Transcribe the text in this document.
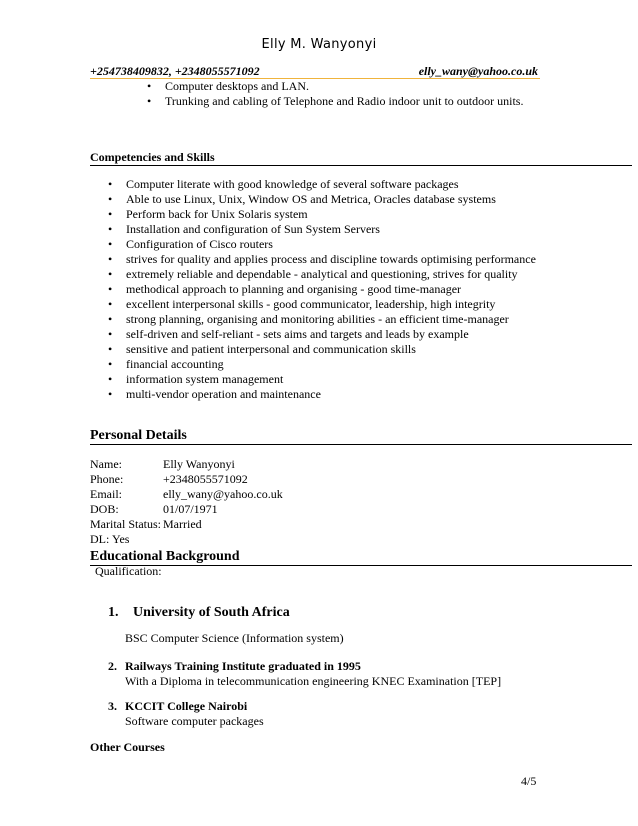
Elly M. Wanyonyi
+254738409832, +2348055571092	elly_wany@yahoo.co.uk
• Computer desktops and LAN.
• Trunking and cabling of Telephone and Radio indoor unit to outdoor units.
Competencies and Skills
• Computer literate with good knowledge of several software packages
• Able to use Linux, Unix, Window OS and Metrica, Oracles database systems
• Perform back for Unix Solaris system
• Installation and configuration of Sun System Servers
• Configuration of Cisco routers
• strives for quality and applies process and discipline towards optimising performance
• extremely reliable and dependable - analytical and questioning, strives for quality
• methodical approach to planning and organising - good time-manager
• excellent interpersonal skills - good communicator, leadership, high integrity
• strong planning, organising and monitoring abilities - an efficient time-manager
• self-driven and self-reliant - sets aims and targets and leads by example
• sensitive and patient interpersonal and communication skills
• financial accounting
• information system management
• multi-vendor operation and maintenance
Personal Details
Name:	Elly Wanyonyi
Phone:	+2348055571092
Email:	elly_wany@yahoo.co.uk
DOB:	01/07/1971
Marital Status: Married
DL: Yes
Educational Background
Qualification:
1. University of South Africa
BSC Computer Science (Information system)
2. Railways Training Institute graduated in 1995
With a Diploma in telecommunication engineering KNEC Examination [TEP]
3. KCCIT College Nairobi
Software computer packages
Other Courses
4/5
